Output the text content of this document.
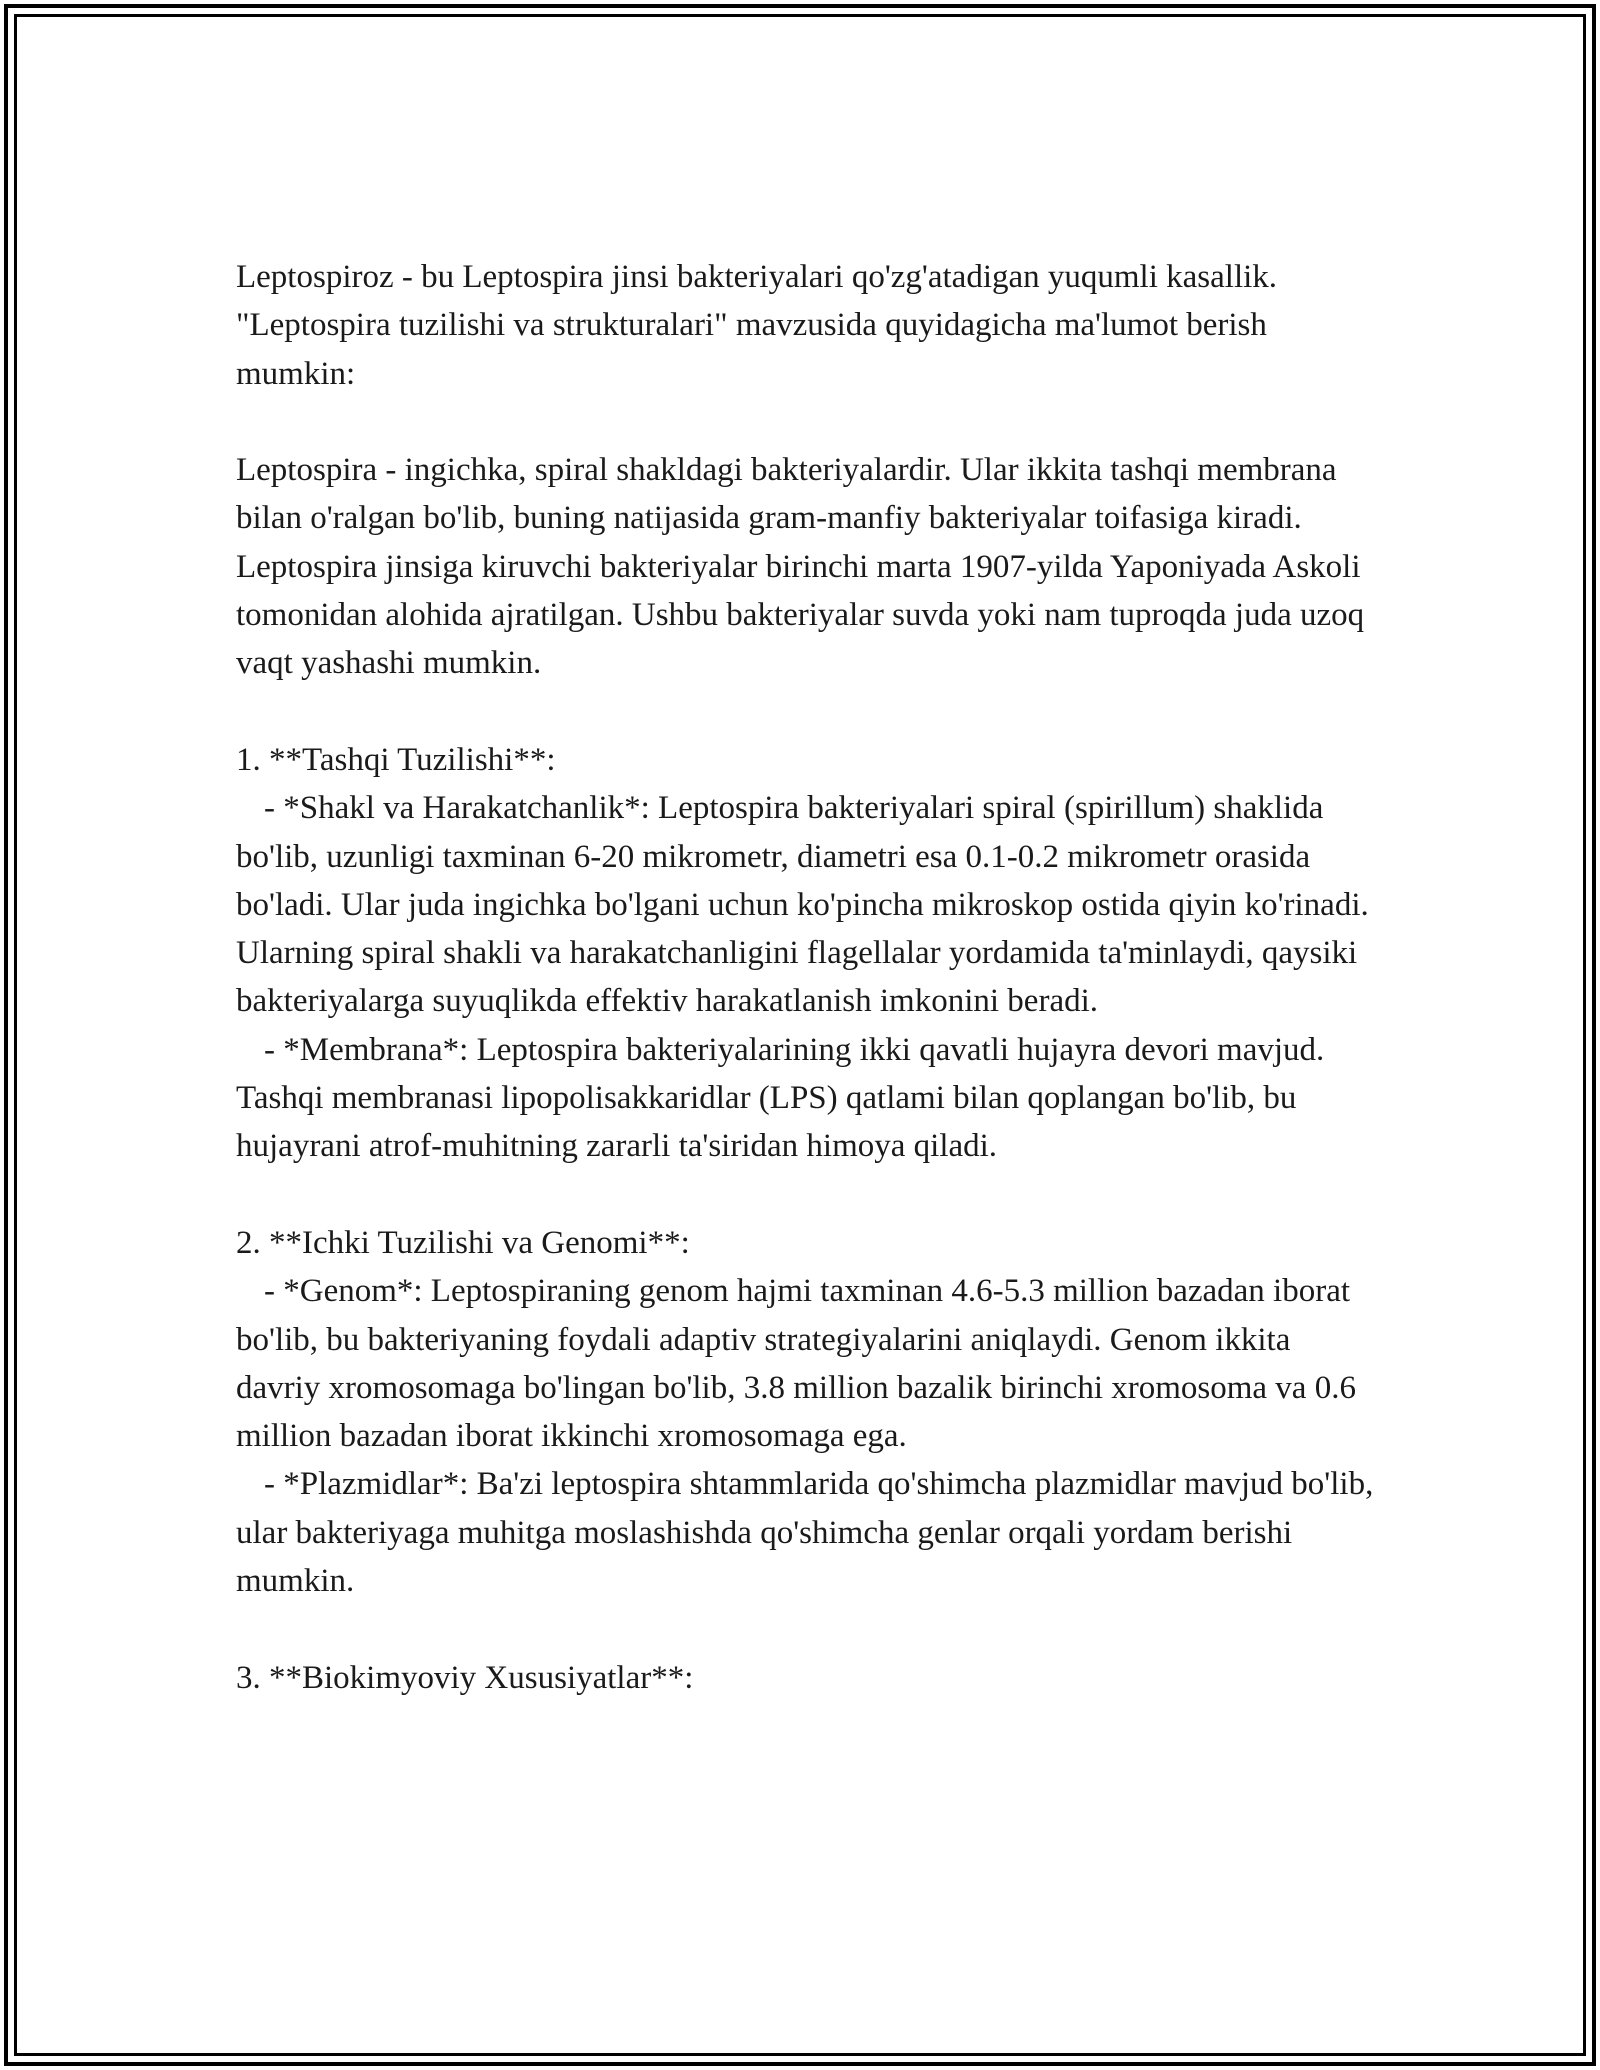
Leptospiroz - bu Leptospira jinsi bakteriyalari qo'zg'atadigan yuqumli kasallik. "Leptospira tuzilishi va strukturalari" mavzusida quyidagicha ma'lumot berish mumkin:

Leptospira - ingichka, spiral shakldagi bakteriyalardir. Ular ikkita tashqi membrana bilan o'ralgan bo'lib, buning natijasida gram-manfiy bakteriyalar toifasiga kiradi. Leptospira jinsiga kiruvchi bakteriyalar birinchi marta 1907-yilda Yaponiyada Askoli tomonidan alohida ajratilgan. Ushbu bakteriyalar suvda yoki nam tuproqda juda uzoq vaqt yashashi mumkin.

1. **Tashqi Tuzilishi**:

- *Shakl va Harakatchanlik*: Leptospira bakteriyalari spiral (spirillum) shaklida bo'lib, uzunligi taxminan 6-20 mikrometr, diametri esa 0.1-0.2 mikrometr orasida bo'ladi. Ular juda ingichka bo'lgani uchun ko'pincha mikroskop ostida qiyin ko'rinadi. Ularning spiral shakli va harakatchanligini flagellalar yordamida ta'minlaydi, qaysiki bakteriyalarga suyuqlikda effektiv harakatlanish imkonini beradi.

- *Membrana*: Leptospira bakteriyalarining ikki qavatli hujayra devori mavjud. Tashqi membranasi lipopolisakkaridlar (LPS) qatlami bilan qoplangan bo'lib, bu hujayrani atrof-muhitning zararli ta'siridan himoya qiladi.

2. **Ichki Tuzilishi va Genomi**:

- *Genom*: Leptospiraning genom hajmi taxminan 4.6-5.3 million bazadan iborat bo'lib, bu bakteriyaning foydali adaptiv strategiyalarini aniqlaydi. Genom ikkita davriy xromosomaga bo'lingan bo'lib, 3.8 million bazalik birinchi xromosoma va 0.6 million bazadan iborat ikkinchi xromosomaga ega.

- *Plazmidlar*: Ba'zi leptospira shtammlarida qo'shimcha plazmidlar mavjud bo'lib, ular bakteriyaga muhitga moslashishda qo'shimcha genlar orqali yordam berishi mumkin.

3. **Biokimyoviy Xususiyatlar**:
